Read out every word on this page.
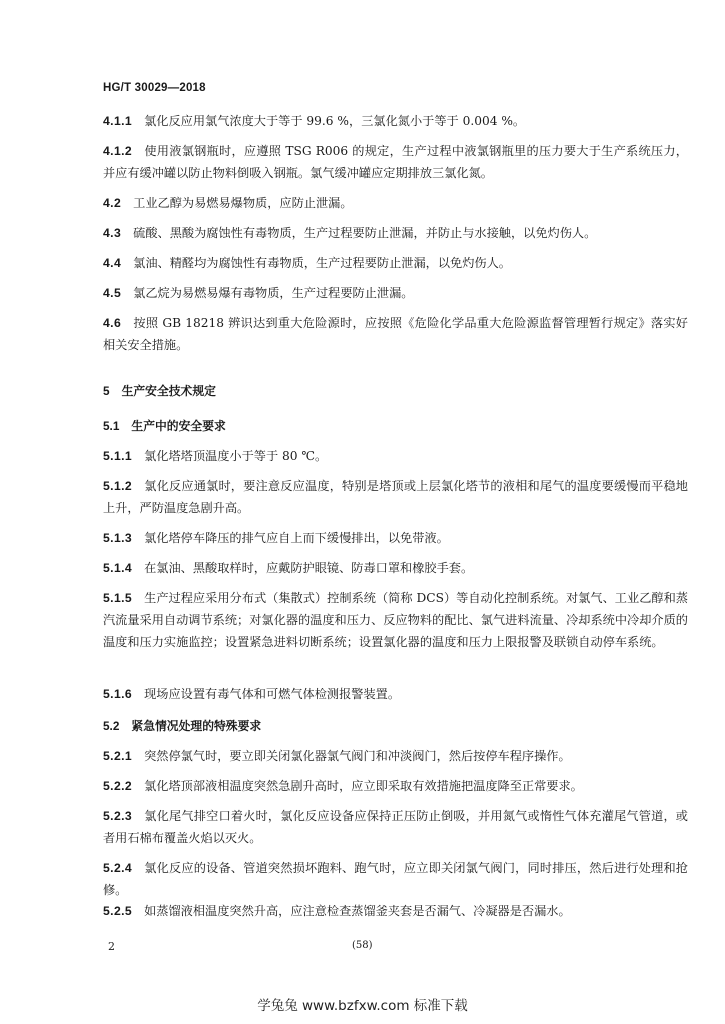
HG/T 30029—2018
4.1.1 氯化反应用氯气浓度大于等于 99.6 %，三氯化氮小于等于 0.004 %。
4.1.2 使用液氯钢瓶时，应遵照 TSG R006 的规定，生产过程中液氯钢瓶里的压力要大于生产系统压力，并应有缓冲罐以防止物料倒吸入钢瓶。氯气缓冲罐应定期排放三氯化氮。
4.2 工业乙醇为易燃易爆物质，应防止泄漏。
4.3 硫酸、黑酸为腐蚀性有毒物质，生产过程要防止泄漏，并防止与水接触，以免灼伤人。
4.4 氯油、精醛均为腐蚀性有毒物质，生产过程要防止泄漏，以免灼伤人。
4.5 氯乙烷为易燃易爆有毒物质，生产过程要防止泄漏。
4.6 按照 GB 18218 辨识达到重大危险源时，应按照《危险化学品重大危险源监督管理暂行规定》落实好相关安全措施。
5 生产安全技术规定
5.1 生产中的安全要求
5.1.1 氯化塔塔顶温度小于等于 80 ℃。
5.1.2 氯化反应通氯时，要注意反应温度，特别是塔顶或上层氯化塔节的液相和尾气的温度要缓慢而平稳地上升，严防温度急剧升高。
5.1.3 氯化塔停车降压的排气应自上而下缓慢排出，以免带液。
5.1.4 在氯油、黑酸取样时，应戴防护眼镜、防毒口罩和橡胶手套。
5.1.5 生产过程应采用分布式（集散式）控制系统（简称 DCS）等自动化控制系统。对氯气、工业乙醇和蒸汽流量采用自动调节系统；对氯化器的温度和压力、反应物料的配比、氯气进料流量、冷却系统中冷却介质的温度和压力实施监控；设置紧急进料切断系统；设置氯化器的温度和压力上限报警及联锁自动停车系统。
5.1.6 现场应设置有毒气体和可燃气体检测报警装置。
5.2 紧急情况处理的特殊要求
5.2.1 突然停氯气时，要立即关闭氯化器氯气阀门和冲淡阀门，然后按停车程序操作。
5.2.2 氯化塔顶部液相温度突然急剧升高时，应立即采取有效措施把温度降至正常要求。
5.2.3 氯化尾气排空口着火时，氯化反应设备应保持正压防止倒吸，并用氮气或惰性气体充灌尾气管道，或者用石棉布覆盖火焰以灭火。
5.2.4 氯化反应的设备、管道突然损坏跑料、跑气时，应立即关闭氯气阀门，同时排压，然后进行处理和抢修。
5.2.5 如蒸馏液相温度突然升高，应注意检查蒸馏釜夹套是否漏气、冷凝器是否漏水。
2	(58)
学兔兔 www.bzfxw.com 标准下载
